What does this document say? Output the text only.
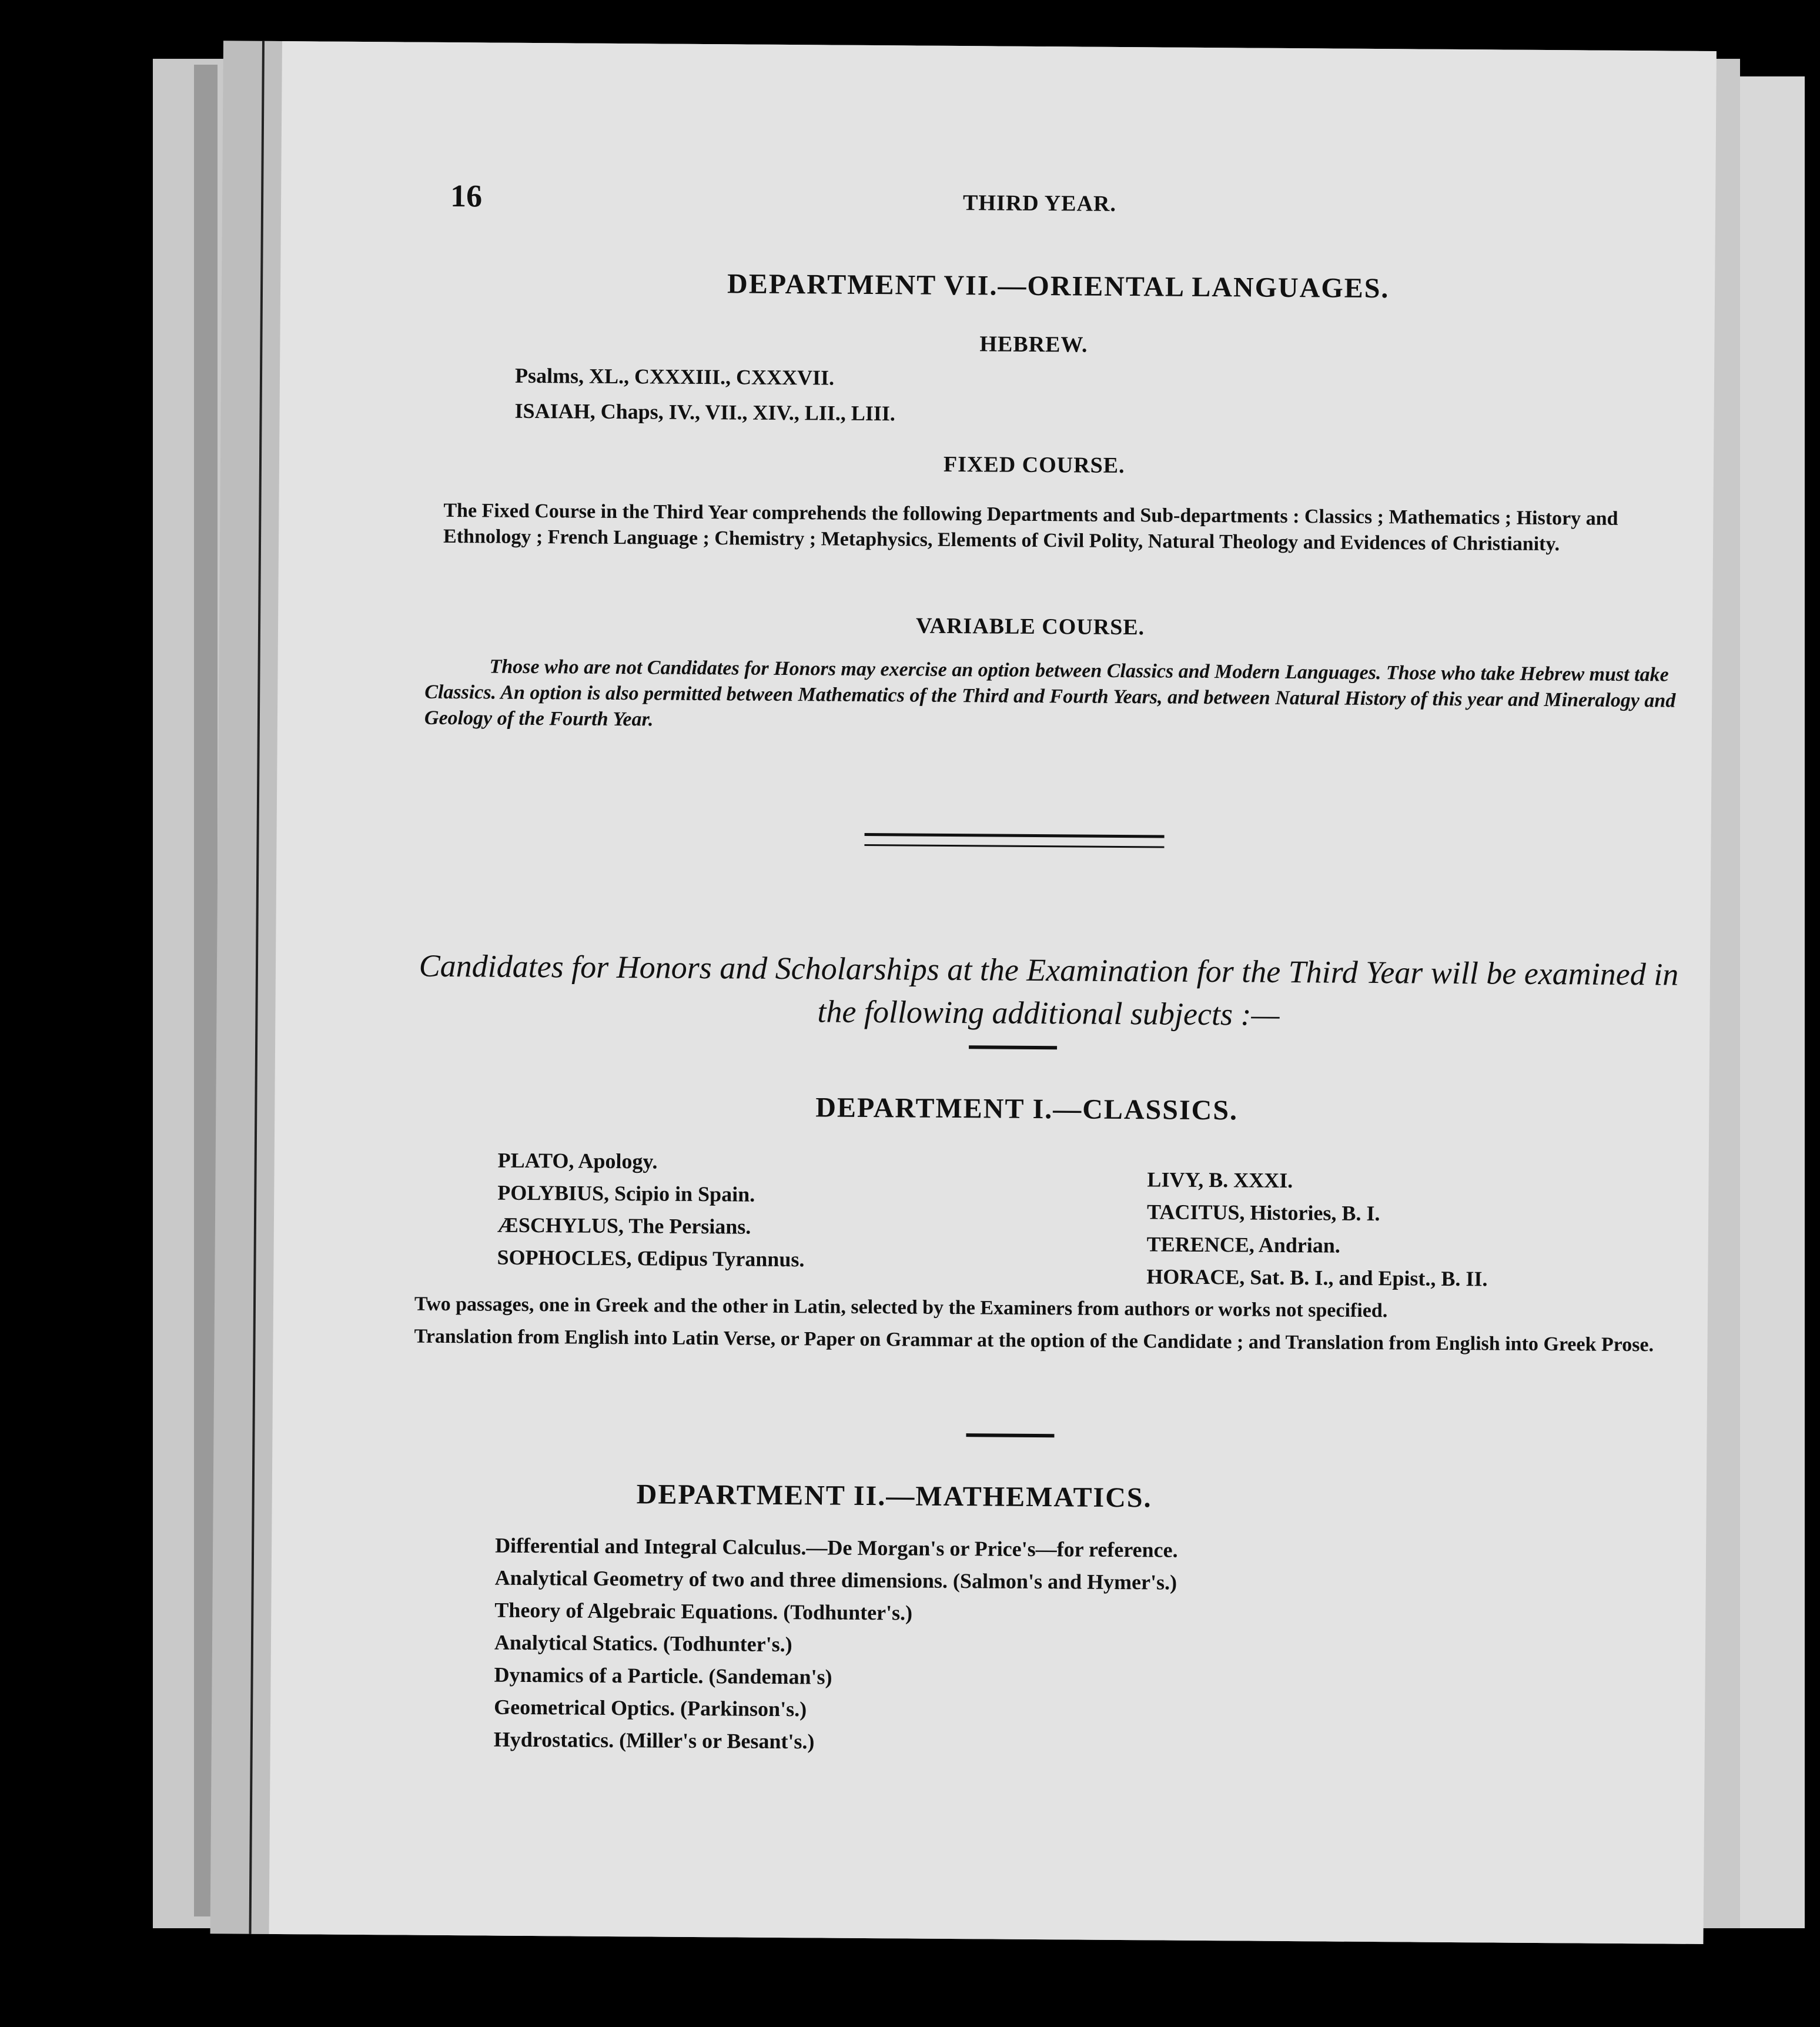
16	THIRD YEAR.
DEPARTMENT VII.—ORIENTAL LANGUAGES.
HEBREW.
Psalms, XL., CXXXIII., CXXXVII.
ISAIAH, Chaps, IV., VII., XIV., LII., LIII.
FIXED COURSE.
The Fixed Course in the Third Year comprehends the following Departments and Sub-departments : Classics ; Mathematics ; History and Ethnology ; French Language ; Chemistry ; Metaphysics, Elements of Civil Polity, Natural Theology and Evidences of Christianity.
VARIABLE COURSE.
Those who are not Candidates for Honors may exercise an option between Classics and Modern Languages. Those who take Hebrew must take Classics. An option is also permitted between Mathematics of the Third and Fourth Years, and between Natural History of this year and Mineralogy and Geology of the Fourth Year.
Candidates for Honors and Scholarships at the Examination for the Third Year will be examined in the following additional subjects :—
DEPARTMENT I.—CLASSICS.
PLATO, Apology.
POLYBIUS, Scipio in Spain.
ÆSCHYLUS, The Persians.
SOPHOCLES, Œdipus Tyrannus.
LIVY, B. XXXI.
TACITUS, Histories, B. I.
TERENCE, Andrian.
HORACE, Sat. B. I., and Epist., B. II.
Two passages, one in Greek and the other in Latin, selected by the Examiners from authors or works not specified.
Translation from English into Latin Verse, or Paper on Grammar at the option of the Candidate ; and Translation from English into Greek Prose.
DEPARTMENT II.—MATHEMATICS.
Differential and Integral Calculus.—De Morgan's or Price's—for reference.
Analytical Geometry of two and three dimensions. (Salmon's and Hymer's.)
Theory of Algebraic Equations. (Todhunter's.)
Analytical Statics. (Todhunter's.)
Dynamics of a Particle. (Sandeman's)
Geometrical Optics. (Parkinson's.)
Hydrostatics. (Miller's or Besant's.)
